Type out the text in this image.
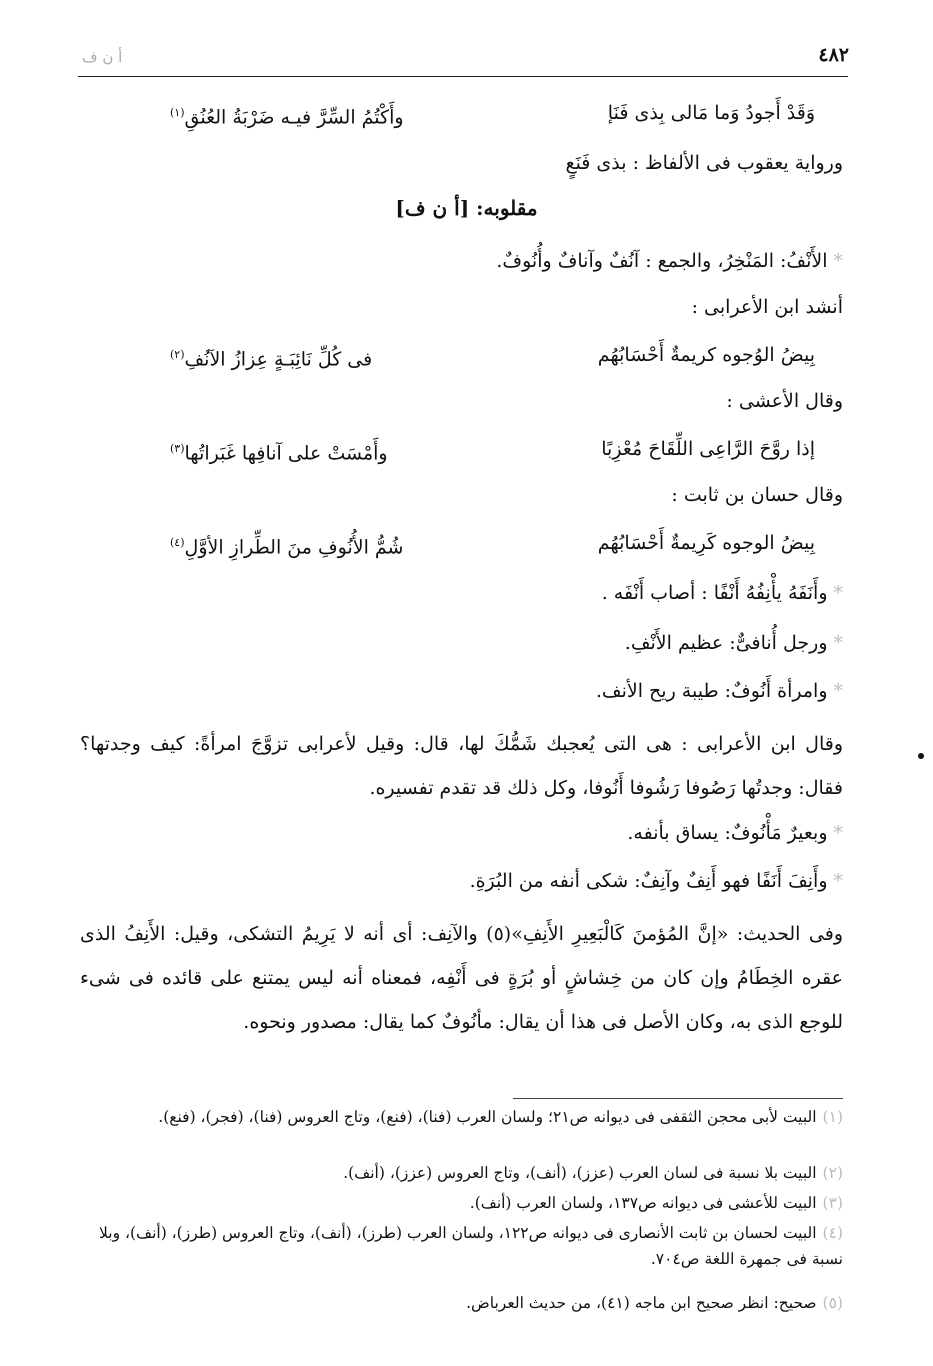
٤٨٢
أ ن ف
وَقَدْ أَجودُ وَما مَالى بِذى فَنَإ
وأَكْتُمُ السِّرَّ فيـه ضَرْبَةُ العُنُقِ$^{(١)}$
ورواية يعقوب فى الألفاظ : بذى فَنَعٍ
مقلوبه: [أ ن ف]
*الأَنْفُ: المَنْخِرُ، والجمع : آنُفٌ وآنافٌ وأُنُوفٌ.
أنشد ابن الأعرابى :
بِيضُ الوُجوه كريمةٌ أَحْسَابُهُم
فى كُلِّ نَائِبَـةٍ عِزازُ الآنُفِ$^{(٢)}$
وقال الأعشى :
إذا روَّحَ الرَّاعِى اللِّقَاحَ مُعْزِبًا
وأَمْسَتْ على آنافِها غَبَراتُها$^{(٣)}$
وقال حسان بن ثابت :
بِيضُ الوجوه كَرِيمةٌ أَحْسَابُهُم
شُمُّ الأُنُوفِ منَ الطِّرازِ الأوَّلِ$^{(٤)}$
*وأَنَفَهُ يأْنِفُهُ أَنْفًا : أصاب أَنْفَه .
*ورجل أُنافىٌّ: عظيم الأَنْفِ.
*وامرأة أَنُوفٌ: طيبة ريح الأنف.
وقال ابن الأعرابى : هى التى يُعجبك شَمُّكَ لها، قال: وقيل لأعرابى تزوَّجَ امرأةً: كيف وجدتها؟ فقال: وجدتُها رَصُوفا رَشُوفا أَنُوفا، وكل ذلك قد تقدم تفسيره.
*وبعيرٌ مَأْنُوفٌ: يساق بأنفه.
*وأَنِفَ أَنَفًا فهو أَنِفٌ وآنِفٌ: شكى أنفه من البُرَةِ.
وفى الحديث: «إنَّ المُؤمنَ كَالْبَعِيرِ الأَنِفِ»(٥) والآنِف: أى أنه لا يَرِيمُ التشكى، وقيل: الأَنِفُ الذى عقره الخِطَامُ وإن كان من خِشاشٍ أو بُرَةٍ فى أَنْفِه، فمعناه أنه ليس يمتنع على قائده فى شىء للوجع الذى به، وكان الأصل فى هذا أن يقال: مأنُوفٌ كما يقال: مصدور ونحوه.
(١)البيت لأبى محجن الثقفى فى ديوانه ص٢١؛ ولسان العرب (فنا)، (فنع)، وتاج العروس (فنا)، (فجر)، (فنع).
(٢)البيت بلا نسبة فى لسان العرب (عزز)، (أنف)، وتاج العروس (عزز)، (أنف).
(٣)البيت للأعشى فى ديوانه ص١٣٧، ولسان العرب (أنف).
(٤)البيت لحسان بن ثابت الأنصارى فى ديوانه ص١٢٢، ولسان العرب (طرز)، (أنف)، وتاج العروس (طرز)، (أنف)، وبلا نسبة فى جمهرة اللغة ص٧٠٤.
(٥)صحيح: انظر صحيح ابن ماجه (٤١)، من حديث العرباض.
